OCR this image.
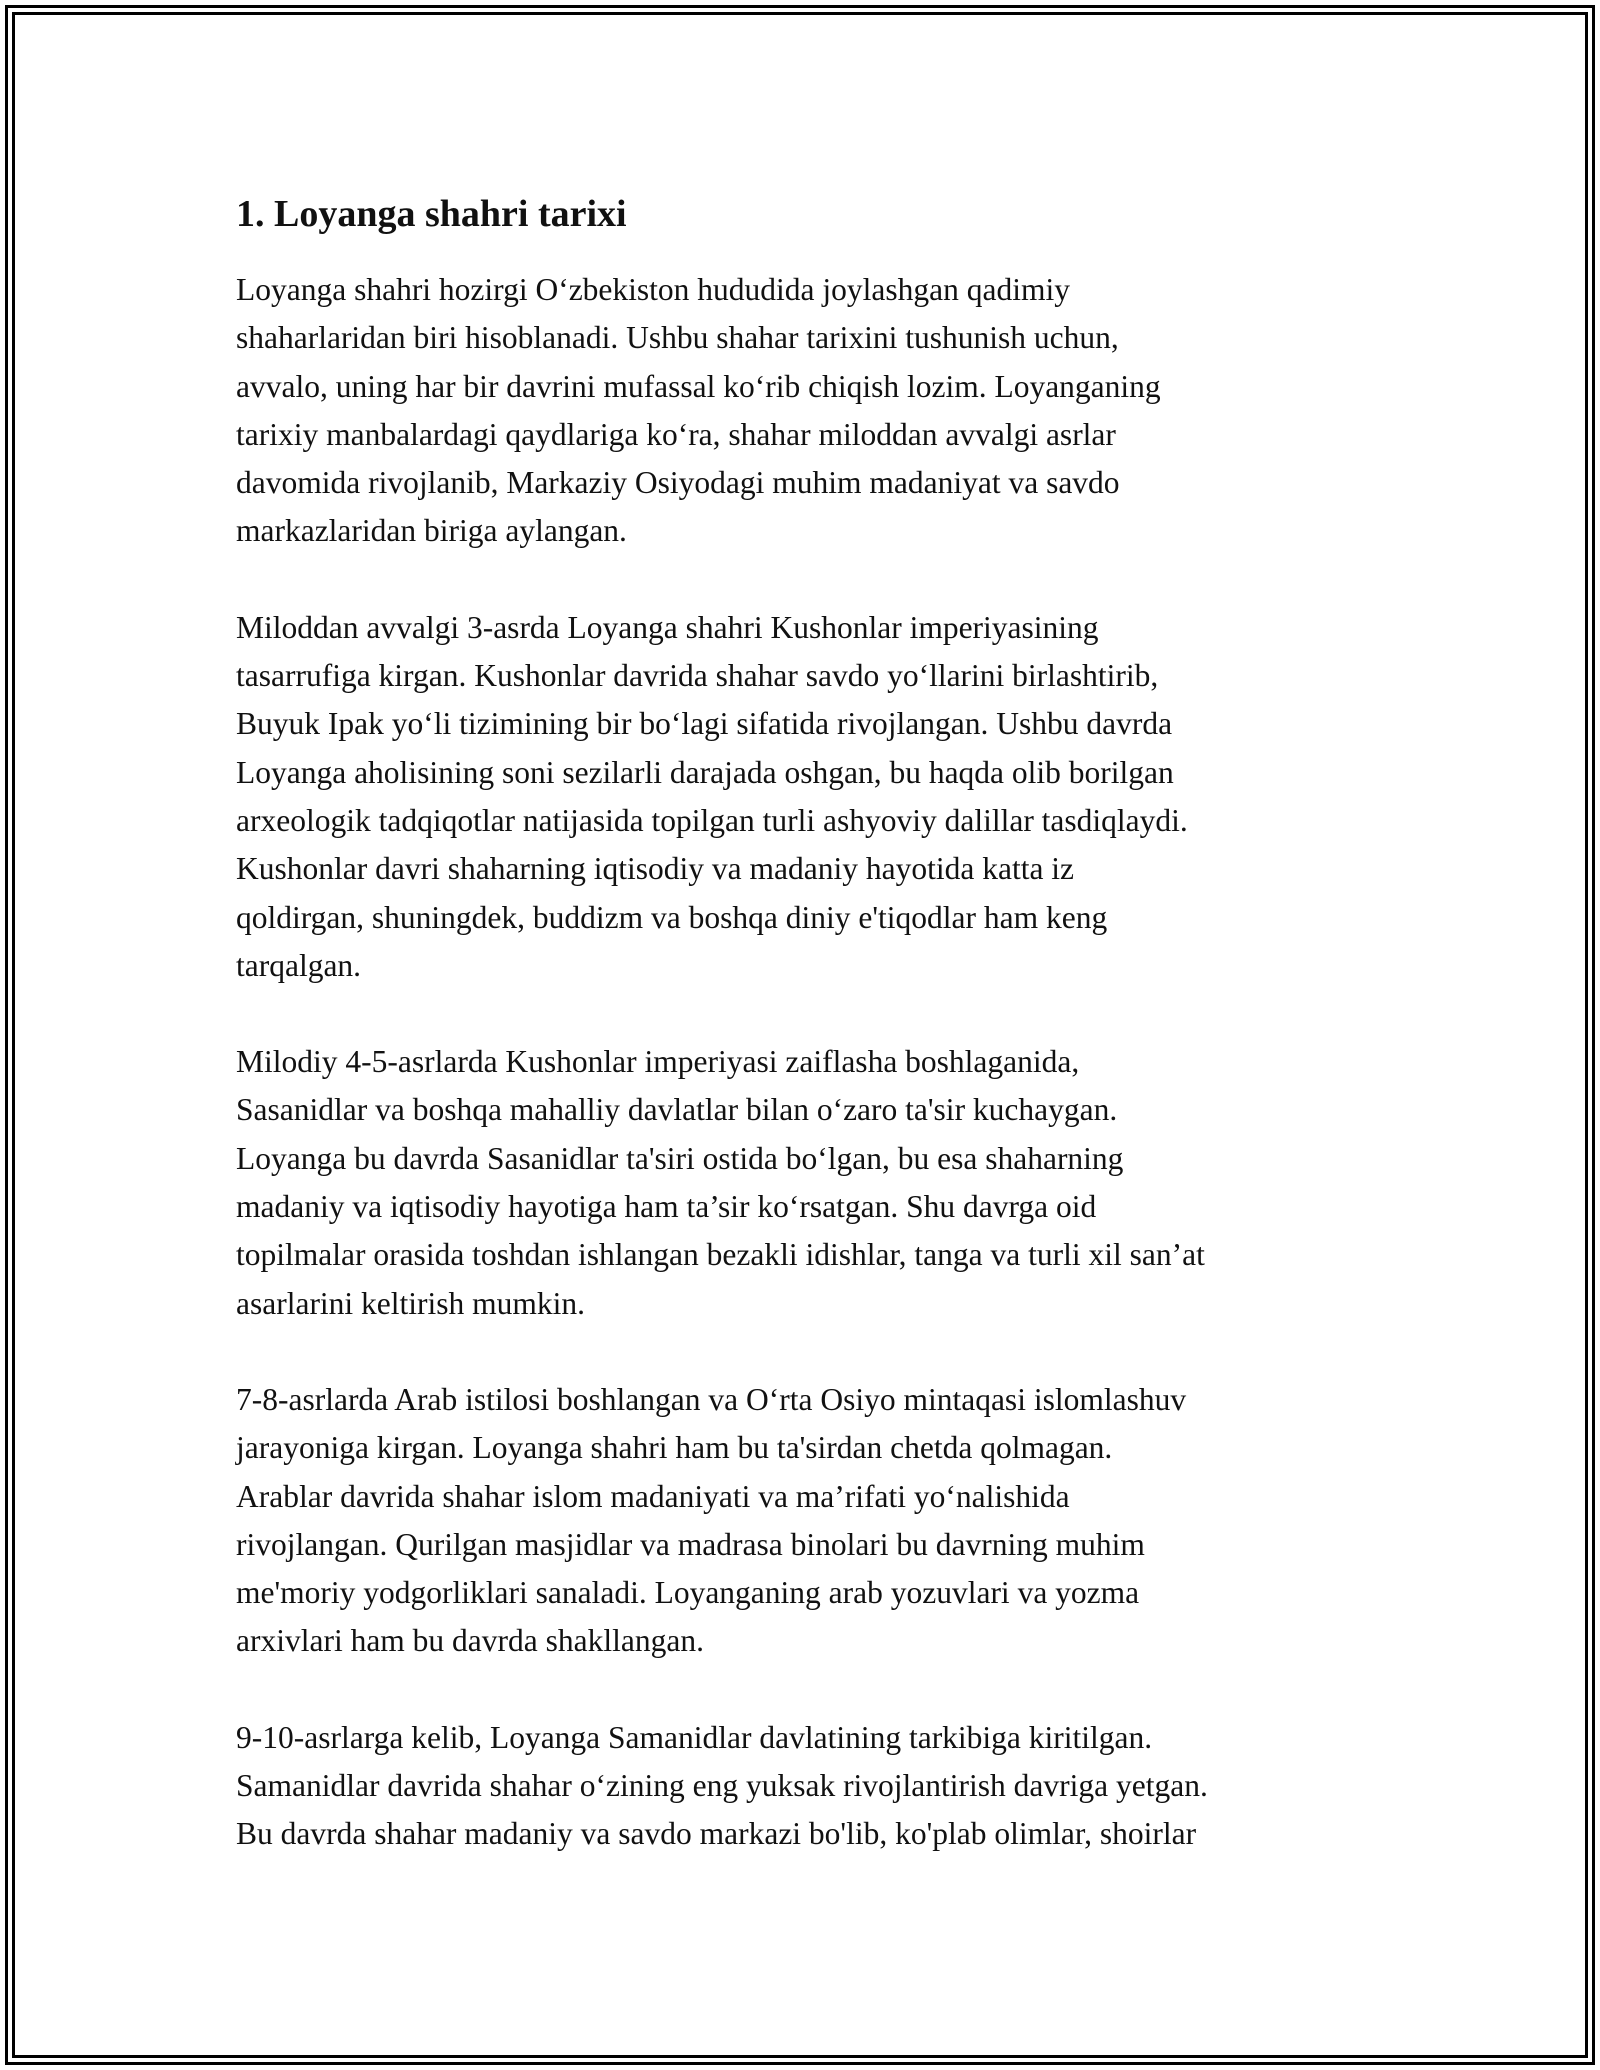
1. Loyanga shahri tarixi

Loyanga shahri hozirgi O‘zbekiston hududida joylashgan qadimiy
shaharlaridan biri hisoblanadi. Ushbu shahar tarixini tushunish uchun,
avvalo, uning har bir davrini mufassal ko‘rib chiqish lozim. Loyanganing
tarixiy manbalardagi qaydlariga ko‘ra, shahar miloddan avvalgi asrlar
davomida rivojlanib, Markaziy Osiyodagi muhim madaniyat va savdo
markazlaridan biriga aylangan.

Miloddan avvalgi 3-asrda Loyanga shahri Kushonlar imperiyasining
tasarrufiga kirgan. Kushonlar davrida shahar savdo yo‘llarini birlashtirib,
Buyuk Ipak yo‘li tizimining bir bo‘lagi sifatida rivojlangan. Ushbu davrda
Loyanga aholisining soni sezilarli darajada oshgan, bu haqda olib borilgan
arxeologik tadqiqotlar natijasida topilgan turli ashyoviy dalillar tasdiqlaydi.
Kushonlar davri shaharning iqtisodiy va madaniy hayotida katta iz
qoldirgan, shuningdek, buddizm va boshqa diniy e'tiqodlar ham keng
tarqalgan.

Milodiy 4-5-asrlarda Kushonlar imperiyasi zaiflasha boshlaganida,
Sasanidlar va boshqa mahalliy davlatlar bilan o‘zaro ta'sir kuchaygan.
Loyanga bu davrda Sasanidlar ta'siri ostida bo‘lgan, bu esa shaharning
madaniy va iqtisodiy hayotiga ham ta’sir ko‘rsatgan. Shu davrga oid
topilmalar orasida toshdan ishlangan bezakli idishlar, tanga va turli xil san’at
asarlarini keltirish mumkin.

7-8-asrlarda Arab istilosi boshlangan va O‘rta Osiyo mintaqasi islomlashuv
jarayoniga kirgan. Loyanga shahri ham bu ta'sirdan chetda qolmagan.
Arablar davrida shahar islom madaniyati va ma’rifati yo‘nalishida
rivojlangan. Qurilgan masjidlar va madrasa binolari bu davrning muhim
me'moriy yodgorliklari sanaladi. Loyanganing arab yozuvlari va yozma
arxivlari ham bu davrda shakllangan.

9-10-asrlarga kelib, Loyanga Samanidlar davlatining tarkibiga kiritilgan.
Samanidlar davrida shahar o‘zining eng yuksak rivojlantirish davriga yetgan.
Bu davrda shahar madaniy va savdo markazi bo'lib, ko'plab olimlar, shoirlar
